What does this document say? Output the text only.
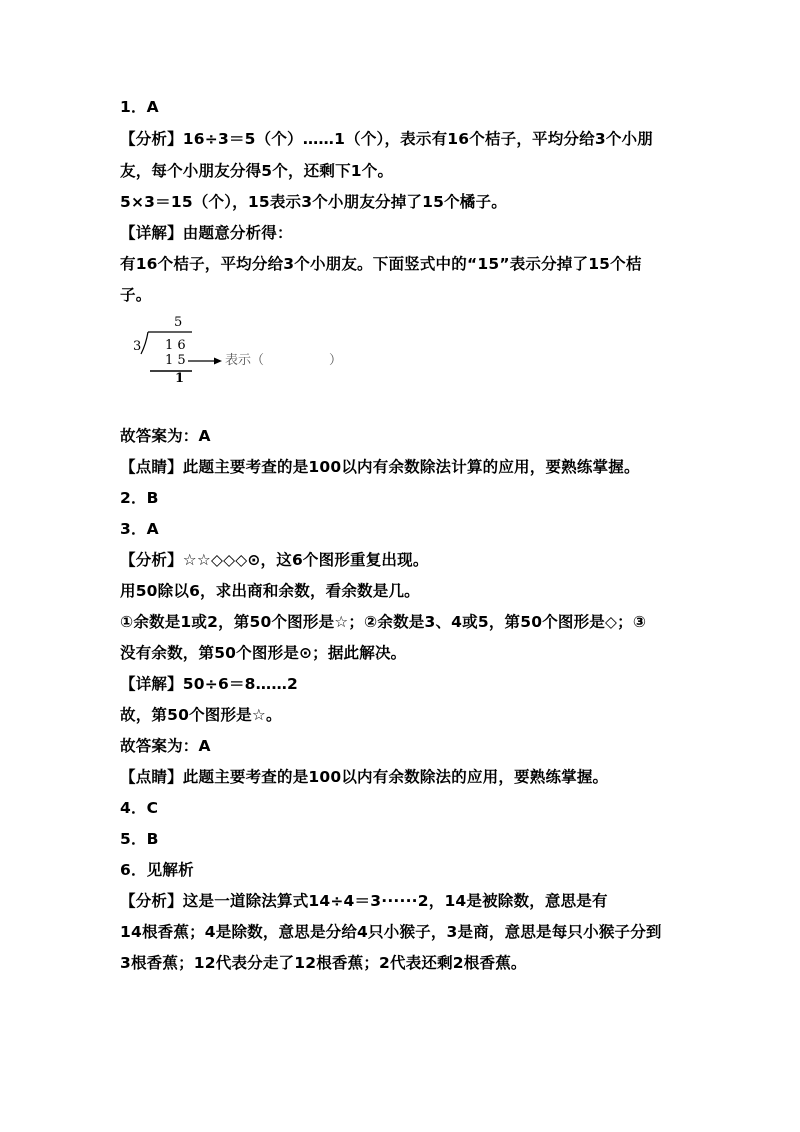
1．A
【分析】16÷3＝5（个）……1（个），表示有16个桔子，平均分给3个小朋
友，每个小朋友分得5个，还剩下1个。
5×3＝15（个），15表示3个小朋友分掉了15个橘子。
【详解】由题意分析得：
有16个桔子，平均分给3个小朋友。下面竖式中的“15”表示分掉了15个桔
子。
5
3 1 6
1 5	表示（　　　　　）
1
故答案为：A
【点睛】此题主要考查的是100以内有余数除法计算的应用，要熟练掌握。
2．B
3．A
【分析】☆☆◇◇◇⊙，这6个图形重复出现。
用50除以6，求出商和余数，看余数是几。
①余数是1或2，第50个图形是☆；②余数是3、4或5，第50个图形是◇；③
没有余数，第50个图形是⊙；据此解决。
【详解】50÷6＝8……2
故，第50个图形是☆。
故答案为：A
【点睛】此题主要考查的是100以内有余数除法的应用，要熟练掌握。
4．C
5．B
6．见解析
【分析】这是一道除法算式14÷4＝3······2，14是被除数，意思是有
14根香蕉；4是除数，意思是分给4只小猴子，3是商，意思是每只小猴子分到
3根香蕉；12代表分走了12根香蕉；2代表还剩2根香蕉。
